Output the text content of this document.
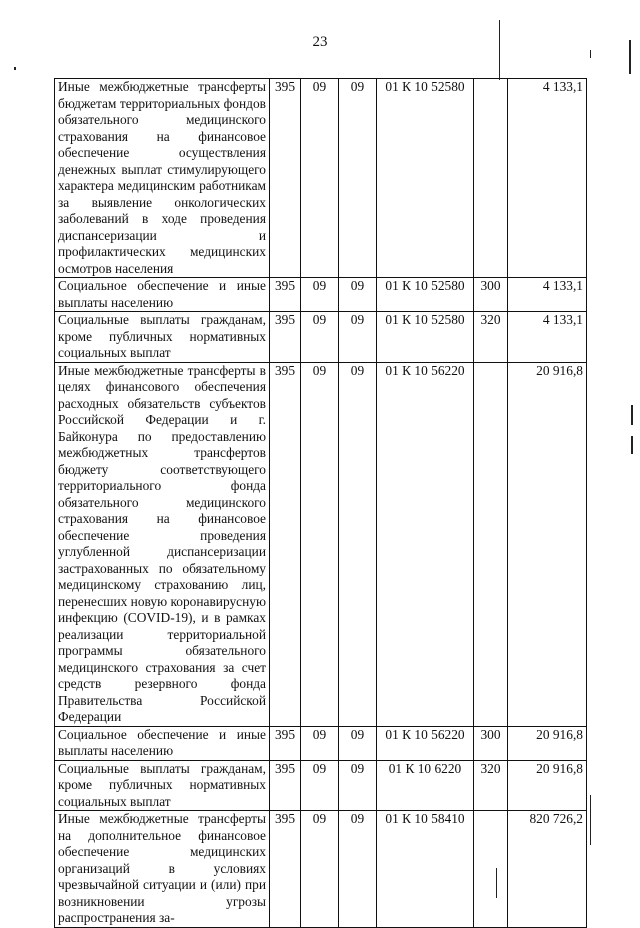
23
Иные межбюджетные трансферты бюджетам территориальных фондов обязательного медицинского страхования на финансовое обеспечение осуществления денежных выплат стимулирующего характера медицинским работникам за выявление онкологических заболеваний в ходе проведения диспансеризации и профилактических медицинских осмотров населения	395	09	09	01 К 10 52580		4 133,1
Социальное обеспечение и иные выплаты населению	395	09	09	01 К 10 52580	300	4 133,1
Социальные выплаты гражданам, кроме публичных нормативных социальных выплат	395	09	09	01 К 10 52580	320	4 133,1
Иные межбюджетные трансферты в целях финансового обеспечения расходных обязательств субъектов Российской Федерации и г. Байконура по предоставлению межбюджетных трансфертов бюджету соответствующего территориального фонда обязательного медицинского страхования на финансовое обеспечение проведения углубленной диспансеризации застрахованных по обязательному медицинскому страхованию лиц, перенесших новую коронавирусную инфекцию (COVID-19), и в рамках реализации территориальной программы обязательного медицинского страхования за счет средств резервного фонда Правительства Российской Федерации	395	09	09	01 К 10 56220		20 916,8
Социальное обеспечение и иные выплаты населению	395	09	09	01 К 10 56220	300	20 916,8
Социальные выплаты гражданам, кроме публичных нормативных социальных выплат	395	09	09	01 К 10 6220	320	20 916,8
Иные межбюджетные трансферты на дополнительное финансовое обеспечение медицинских организаций в условиях чрезвычайной ситуации и (или) при возникновении угрозы распространения за-	395	09	09	01 К 10 58410		820 726,2
